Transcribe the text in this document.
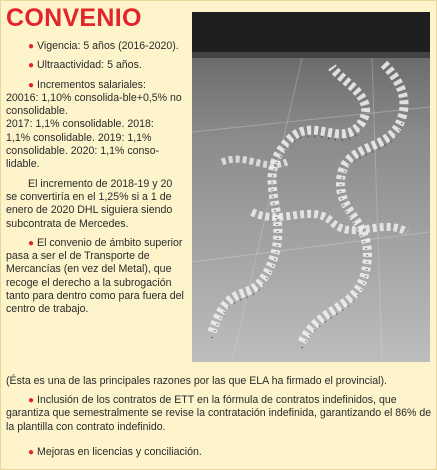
CONVENIO

● Vigencia: 5 años (2016-2020).

● Ultraactividad: 5 años.

● Incrementos salariales:
20016: 1,10% consolida-ble+0,5% no consolidable.
2017: 1,1% consolidable. 2018:
1,1% consolidable. 2019: 1,1%
consolidable. 2020: 1,1% conso-lidable.

El incremento de 2018-19 y 20 se convertiría en el 1,25% si a 1 de enero de 2020 DHL siguiera siendo subcontrata de Mercedes.

● El convenio de ámbito superior pasa a ser el de Transporte de Mercancías (en vez del Metal), que recoge el derecho a la subrogación tanto para dentro como para fuera del centro de trabajo.

(Ésta es una de las principales razones por las que ELA ha firmado el provincial).

● Inclusión de los contratos de ETT en la fórmula de contratos indefinidos, que garantiza que semestralmente se revise la contratación indefinida, garantizando el 86% de la plantilla con contrato indefinido.

● Mejoras en licencias y conciliación.
